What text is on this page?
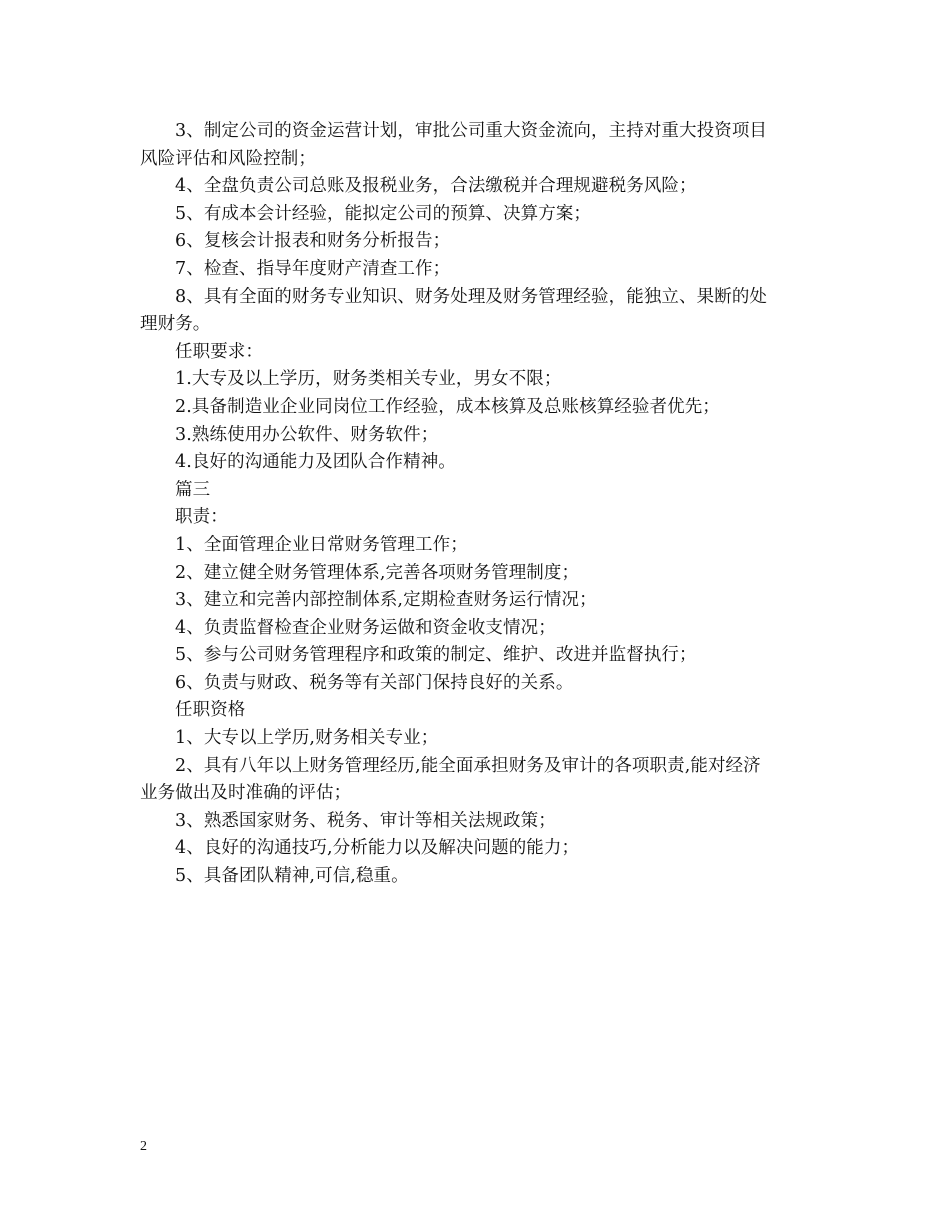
3、制定公司的资金运营计划，审批公司重大资金流向，主持对重大投资项目
风险评估和风险控制；
4、全盘负责公司总账及报税业务，合法缴税并合理规避税务风险；
5、有成本会计经验，能拟定公司的预算、决算方案；
6、复核会计报表和财务分析报告；
7、检查、指导年度财产清查工作；
8、具有全面的财务专业知识、财务处理及财务管理经验，能独立、果断的处
理财务。
任职要求：
1.大专及以上学历，财务类相关专业，男女不限；
2.具备制造业企业同岗位工作经验，成本核算及总账核算经验者优先；
3.熟练使用办公软件、财务软件；
4.良好的沟通能力及团队合作精神。
篇三
职责：
1、全面管理企业日常财务管理工作；
2、建立健全财务管理体系,完善各项财务管理制度；
3、建立和完善内部控制体系,定期检查财务运行情况；
4、负责监督检查企业财务运做和资金收支情况；
5、参与公司财务管理程序和政策的制定、维护、改进并监督执行；
6、负责与财政、税务等有关部门保持良好的关系。
任职资格
1、大专以上学历,财务相关专业；
2、具有八年以上财务管理经历,能全面承担财务及审计的各项职责,能对经济
业务做出及时准确的评估；
3、熟悉国家财务、税务、审计等相关法规政策；
4、良好的沟通技巧,分析能力以及解决问题的能力；
5、具备团队精神,可信,稳重。
2
